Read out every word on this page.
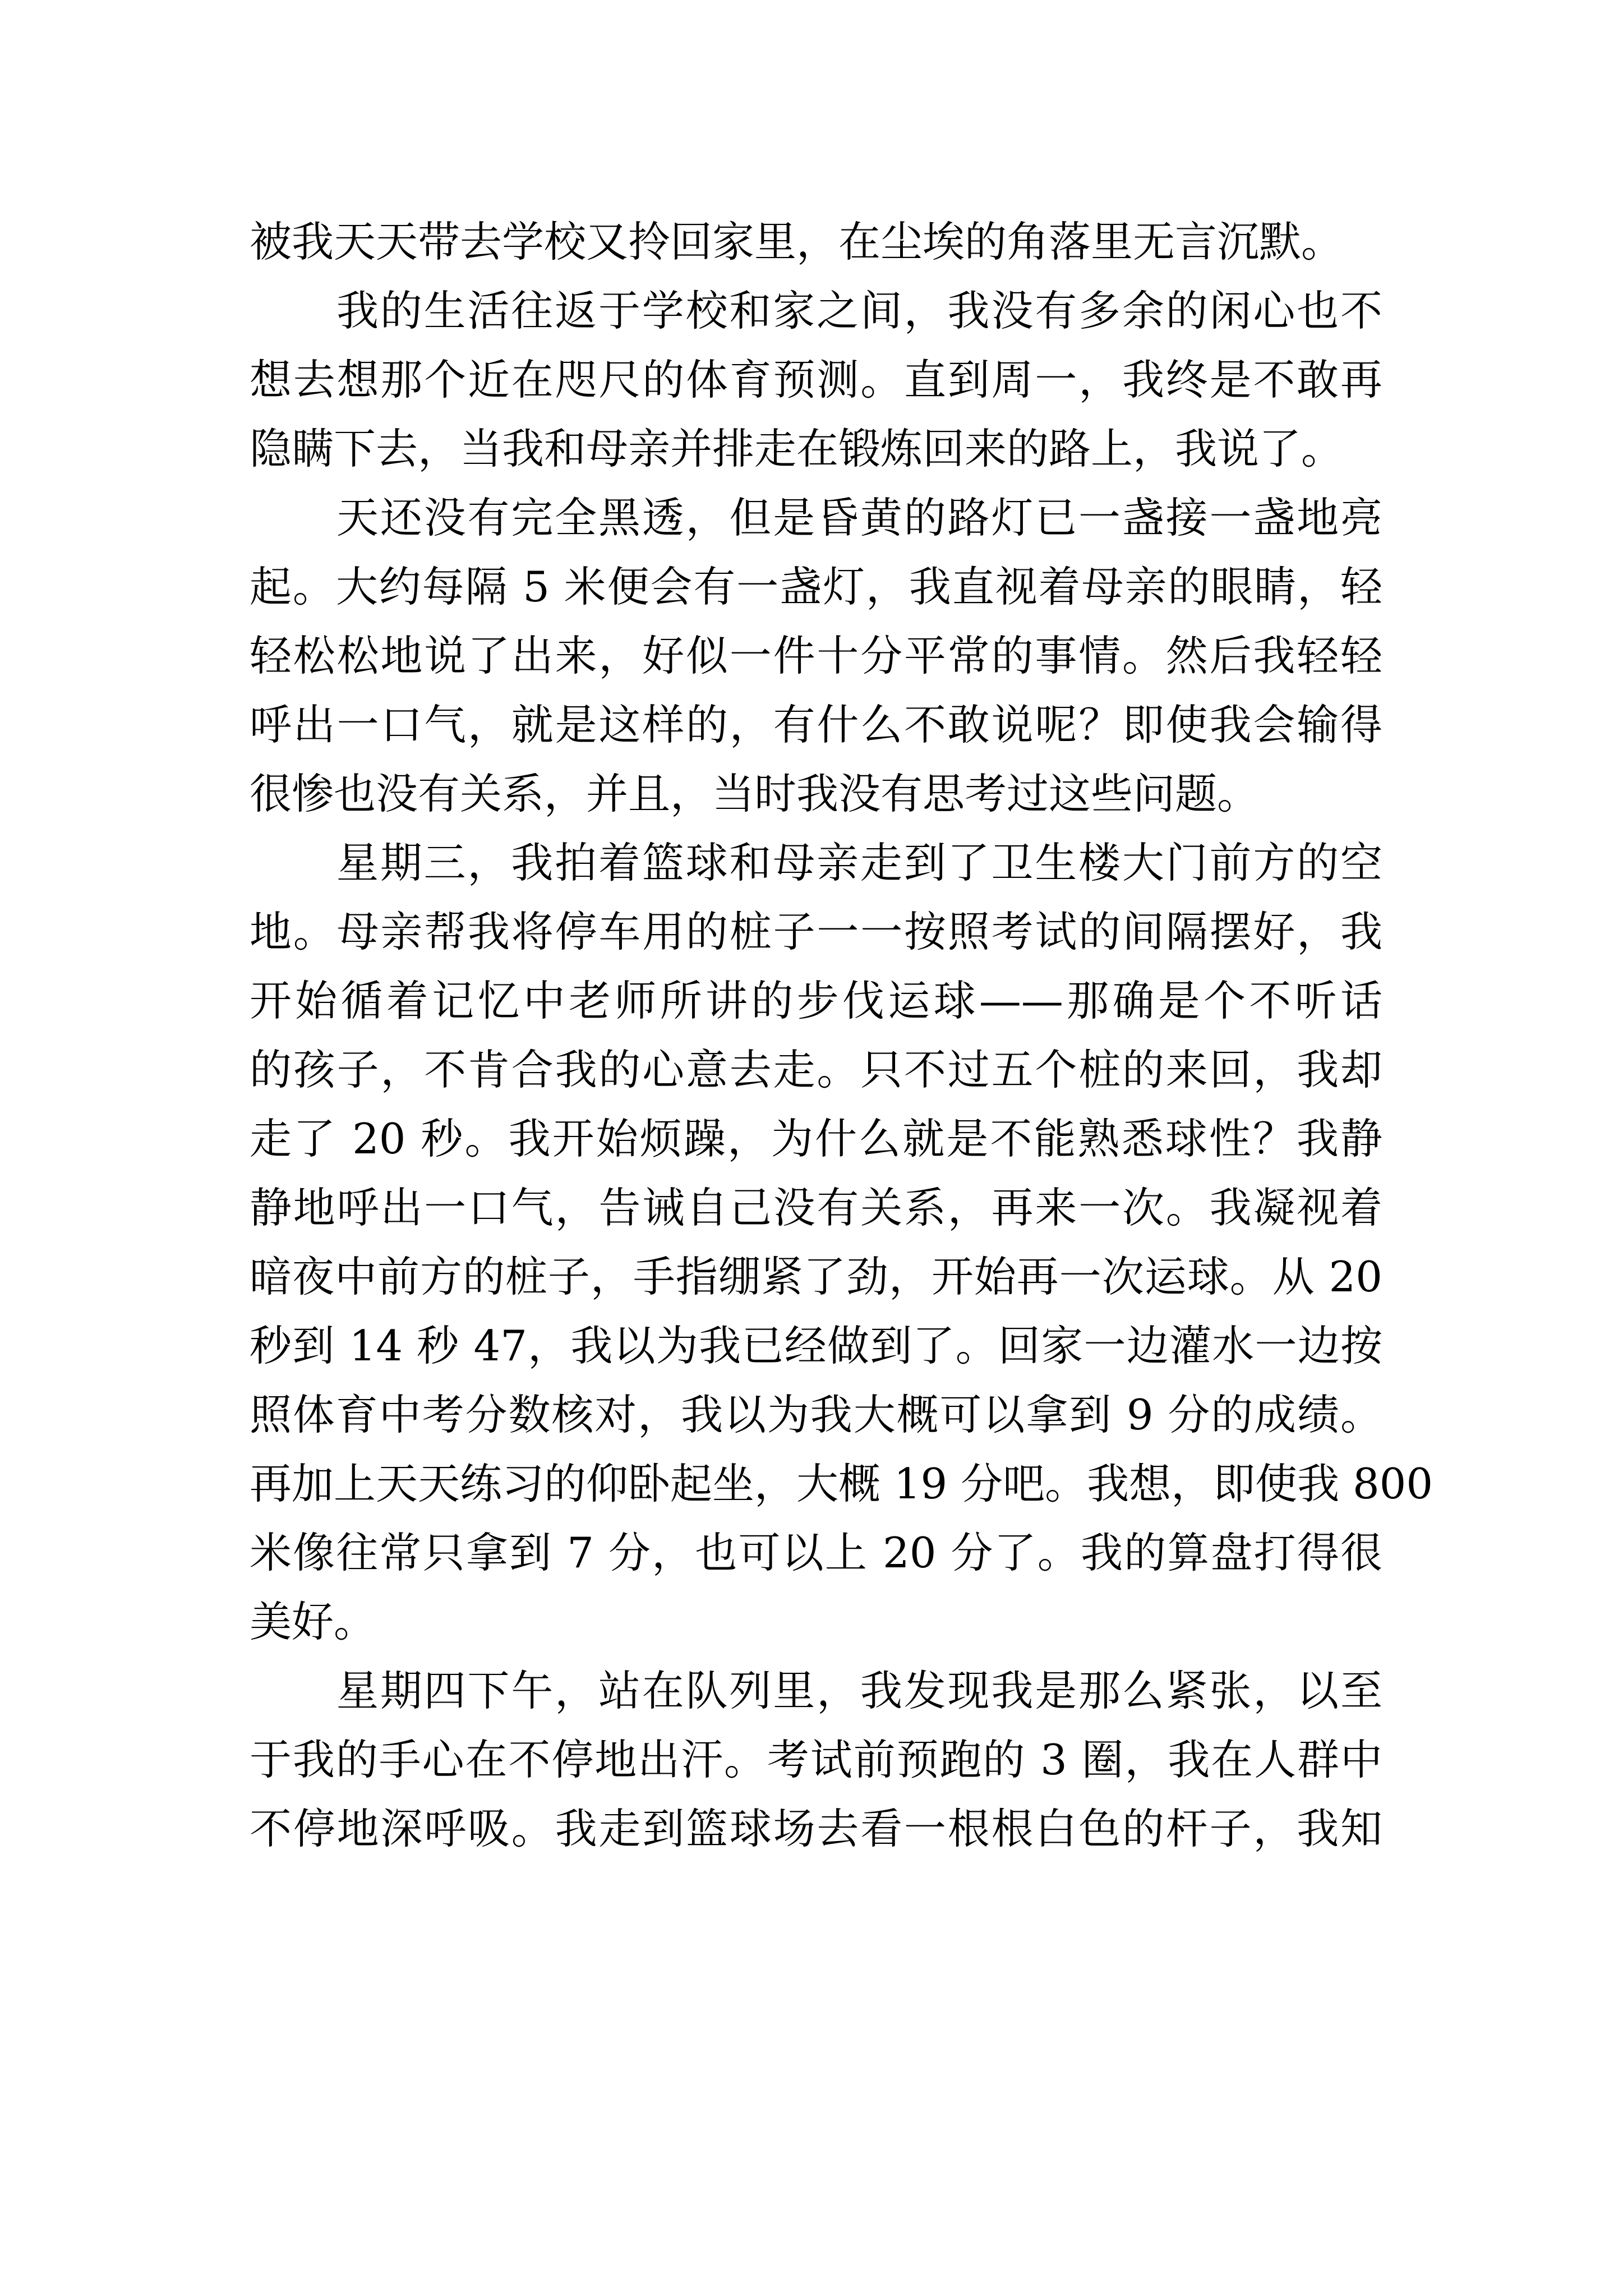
被我天天带去学校又拎回家里，在尘埃的角落里无言沉默。
我的生活往返于学校和家之间，我没有多余的闲心也不
想去想那个近在咫尺的体育预测。直到周一，我终是不敢再
隐瞒下去，当我和母亲并排走在锻炼回来的路上，我说了。
天还没有完全黑透，但是昏黄的路灯已一盏接一盏地亮
起。大约每隔 5 米便会有一盏灯，我直视着母亲的眼睛，轻
轻松松地说了出来，好似一件十分平常的事情。然后我轻轻
呼出一口气，就是这样的，有什么不敢说呢？即使我会输得
很惨也没有关系，并且，当时我没有思考过这些问题。
星期三，我拍着篮球和母亲走到了卫生楼大门前方的空
地。母亲帮我将停车用的桩子一一按照考试的间隔摆好，我
开始循着记忆中老师所讲的步伐运球——那确是个不听话
的孩子，不肯合我的心意去走。只不过五个桩的来回，我却
走了 20 秒。我开始烦躁，为什么就是不能熟悉球性？我静
静地呼出一口气，告诫自己没有关系，再来一次。我凝视着
暗夜中前方的桩子，手指绷紧了劲，开始再一次运球。从 20
秒到 14 秒 47，我以为我已经做到了。回家一边灌水一边按
照体育中考分数核对，我以为我大概可以拿到 9 分的成绩。
再加上天天练习的仰卧起坐，大概 19 分吧。我想，即使我 800
米像往常只拿到 7 分，也可以上 20 分了。我的算盘打得很
美好。
星期四下午，站在队列里，我发现我是那么紧张，以至
于我的手心在不停地出汗。考试前预跑的 3 圈，我在人群中
不停地深呼吸。我走到篮球场去看一根根白色的杆子，我知
